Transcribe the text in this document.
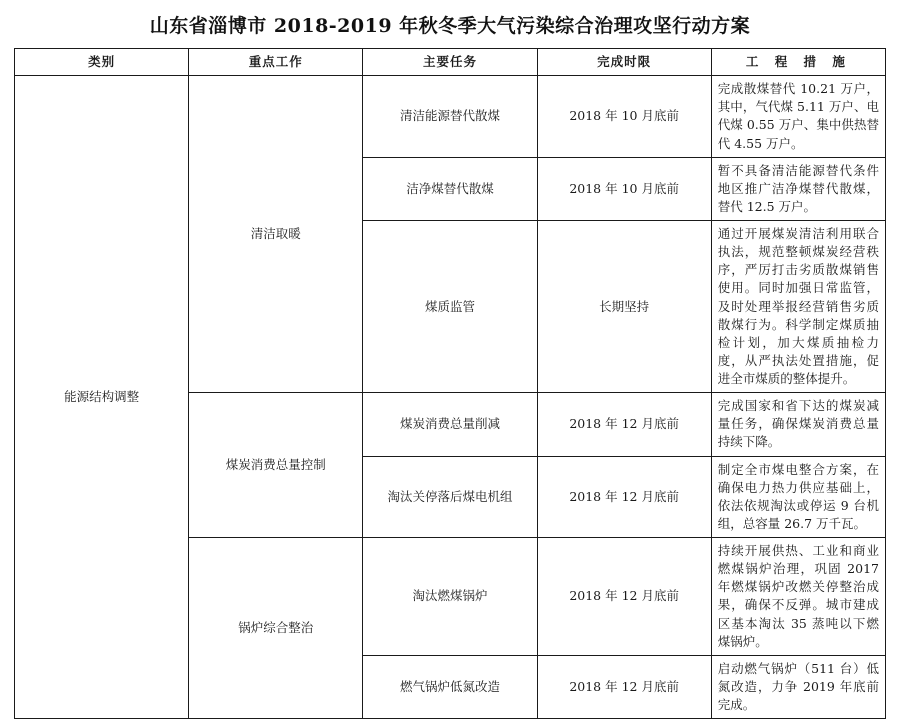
山东省淄博市 2018-2019 年秋冬季大气污染综合治理攻坚行动方案
类别	重点工作	主要任务	完成时限	工 程 措 施

能源结构调整	清洁取暖	清洁能源替代散煤	2018 年 10 月底前	完成散煤替代 10.21 万户，其中，气代煤 5.11 万户、电代煤 0.55 万户、集中供热替代 4.55 万户。
		洁净煤替代散煤	2018 年 10 月底前	暂不具备清洁能源替代条件地区推广洁净煤替代散煤，替代 12.5 万户。
		煤质监管	长期坚持	通过开展煤炭清洁利用联合执法，规范整顿煤炭经营秩序，严厉打击劣质散煤销售使用。同时加强日常监管，及时处理举报经营销售劣质散煤行为。科学制定煤质抽检计划，加大煤质抽检力度，从严执法处置措施，促进全市煤质的整体提升。
	煤炭消费总量控制	煤炭消费总量削减	2018 年 12 月底前	完成国家和省下达的煤炭减量任务，确保煤炭消费总量持续下降。
		淘汰关停落后煤电机组	2018 年 12 月底前	制定全市煤电整合方案，在确保电力热力供应基础上，依法依规淘汰或停运 9 台机组，总容量 26.7 万千瓦。
	锅炉综合整治	淘汰燃煤锅炉	2018 年 12 月底前	持续开展供热、工业和商业燃煤锅炉治理，巩固 2017 年燃煤锅炉改燃关停整治成果，确保不反弹。城市建成区基本淘汰 35 蒸吨以下燃煤锅炉。
		燃气锅炉低氮改造	2018 年 12 月底前	启动燃气锅炉（511 台）低氮改造，力争 2019 年底前完成。
